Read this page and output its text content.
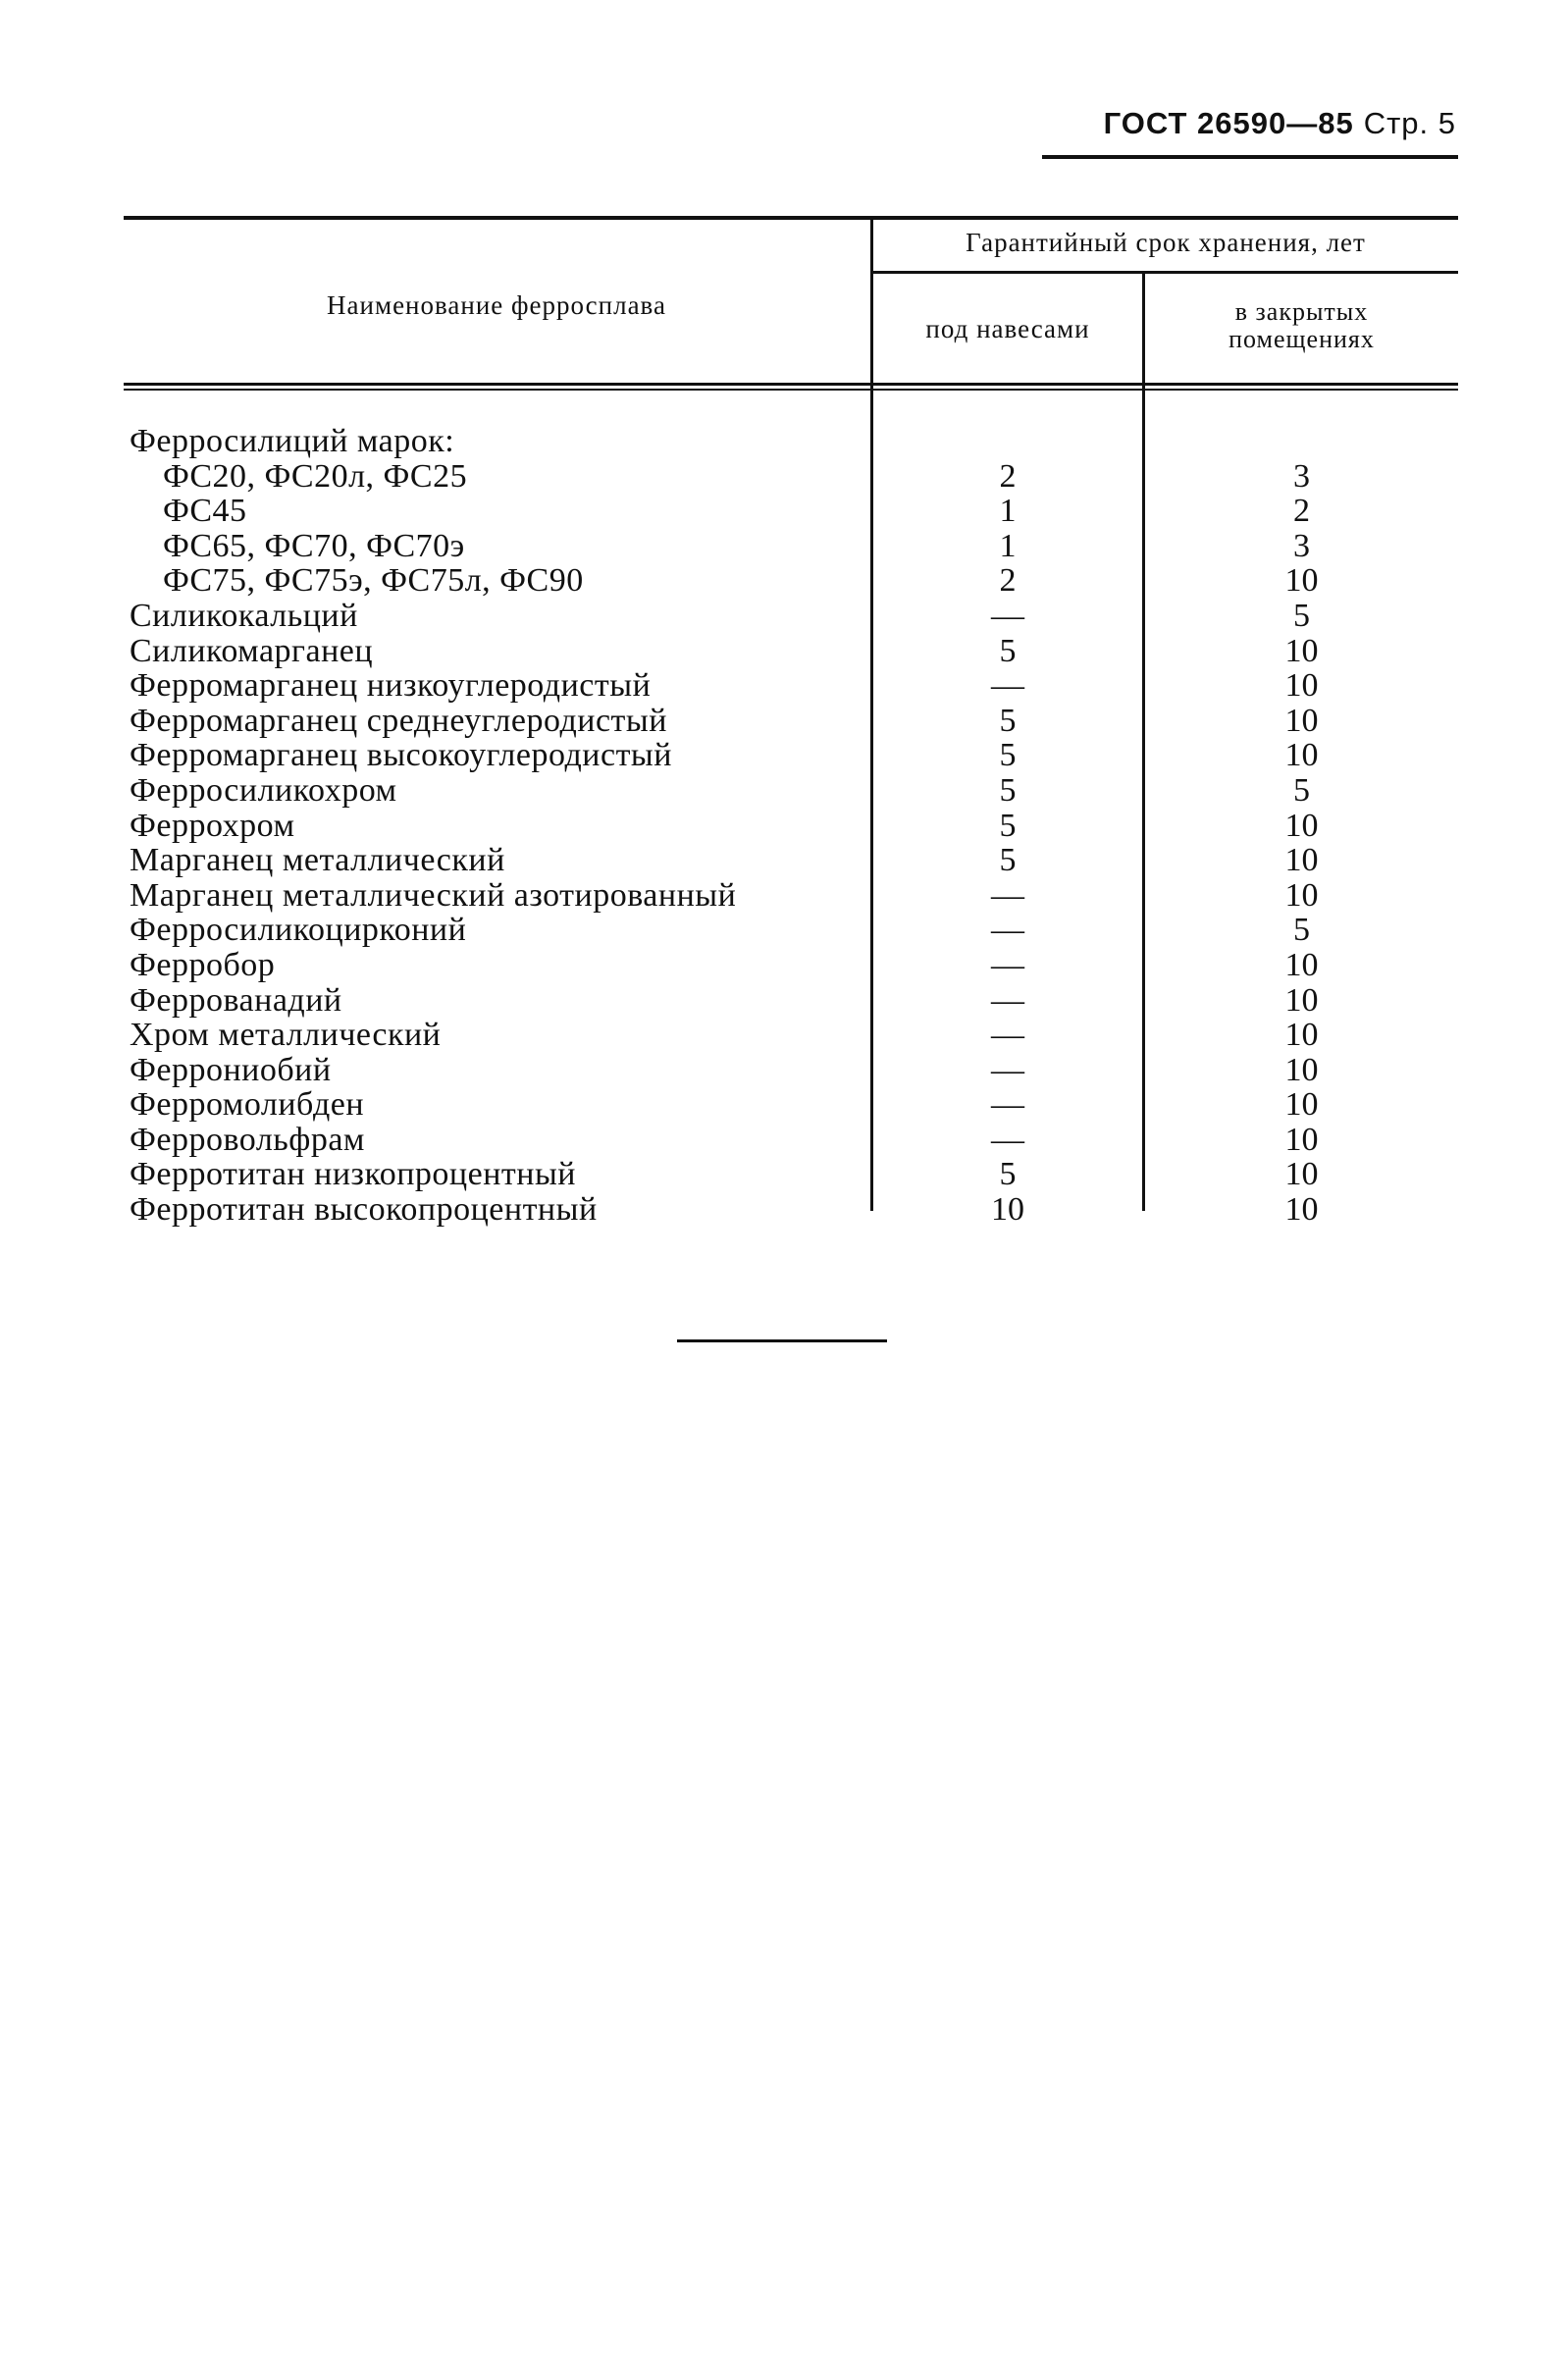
ГОСТ 26590—85 Стр. 5
Наименование ферросплава
Гарантийный срок хранения, лет
под навесами
в закрытых
помещениях
Ферросилиций марок:
ФС20, ФС20л, ФС25	2	3
ФС45	1	2
ФС65, ФС70, ФС70э	1	3
ФС75, ФС75э, ФС75л, ФС90	2	10
Силикокальций	—	5
Силикомарганец	5	10
Ферромарганец низкоуглеродистый	—	10
Ферромарганец среднеуглеродистый	5	10
Ферромарганец высокоуглеродистый	5	10
Ферросиликохром	5	5
Феррохром	5	10
Марганец металлический	5	10
Марганец металлический азотированный	—	10
Ферросиликоцирконий	—	5
Ферробор	—	10
Феррованадий	—	10
Хром металлический	—	10
Феррониобий	—	10
Ферромолибден	—	10
Ферровольфрам	—	10
Ферротитан низкопроцентный	5	10
Ферротитан высокопроцентный	10	10
